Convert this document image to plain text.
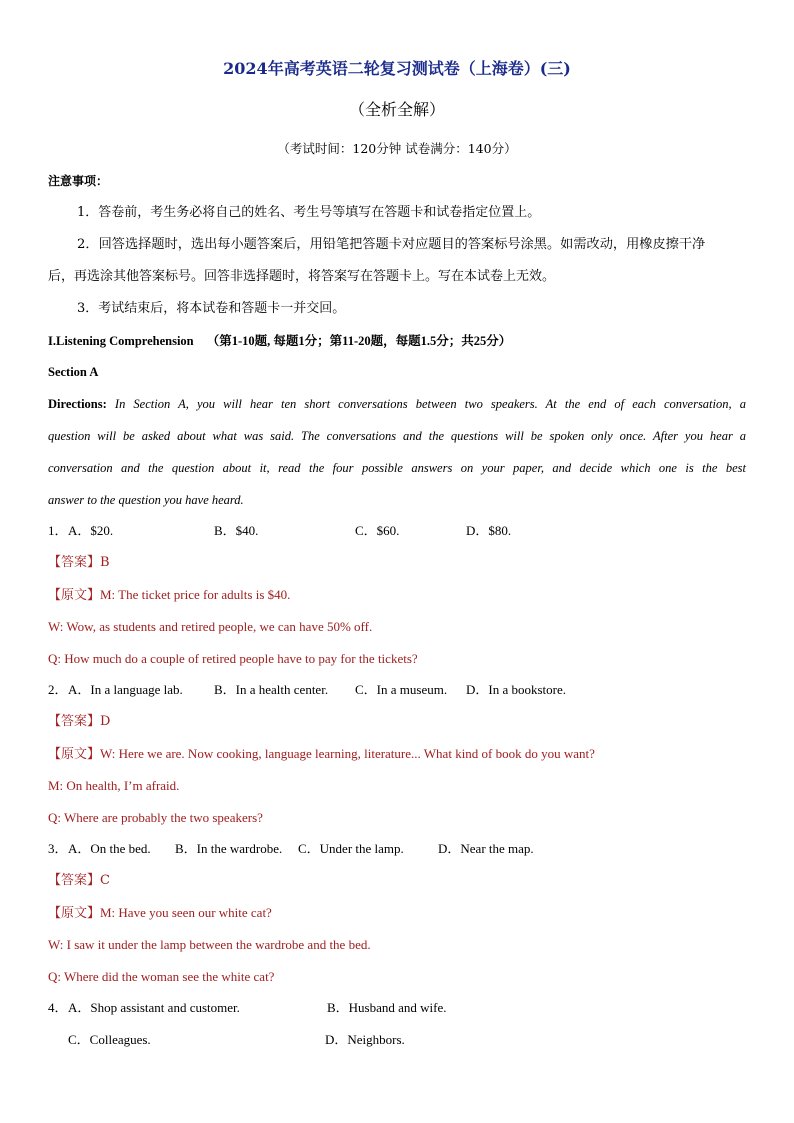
2024年高考英语二轮复习测试卷（上海卷）(三)
（全析全解）
（考试时间：120分钟 试卷满分：140分）
注意事项：
1．答卷前，考生务必将自己的姓名、考生号等填写在答题卡和试卷指定位置上。
2．回答选择题时，选出每小题答案后，用铅笔把答题卡对应题目的答案标号涂黑。如需改动，用橡皮擦干净
后，再选涂其他答案标号。回答非选择题时，将答案写在答题卡上。写在本试卷上无效。
3．考试结束后，将本试卷和答题卡一并交回。
I.Listening Comprehension （第1-10题, 每题1分；第11-20题，每题1.5分；共25分）
Section A
Directions: In Section A, you will hear ten short conversations between two speakers. At the end of each conversation, a
question will be asked about what was said. The conversations and the questions will be spoken only once. After you hear a
conversation and the question about it, read the four possible answers on your paper, and decide which one is the best
answer to the question you have heard.
1． A．$20.	B．$40.	C．$60.	D．$80.
【答案】B
【原文】M: The ticket price for adults is $40.
W: Wow, as students and retired people, we can have 50% off.
Q: How much do a couple of retired people have to pay for the tickets?
2． A．In a language lab. B．In a health center. C．In a museum. D．In a bookstore.
【答案】D
【原文】W: Here we are. Now cooking, language learning, literature... What kind of book do you want?
M: On health, I’m afraid.
Q: Where are probably the two speakers?
3． A．On the bed. B．In the wardrobe. C．Under the lamp.	D．Near the map.
【答案】C
【原文】M: Have you seen our white cat?
W: I saw it under the lamp between the wardrobe and the bed.
Q: Where did the woman see the white cat?
4． A．Shop assistant and customer.	B．Husband and wife.
C．Colleagues.	D．Neighbors.
